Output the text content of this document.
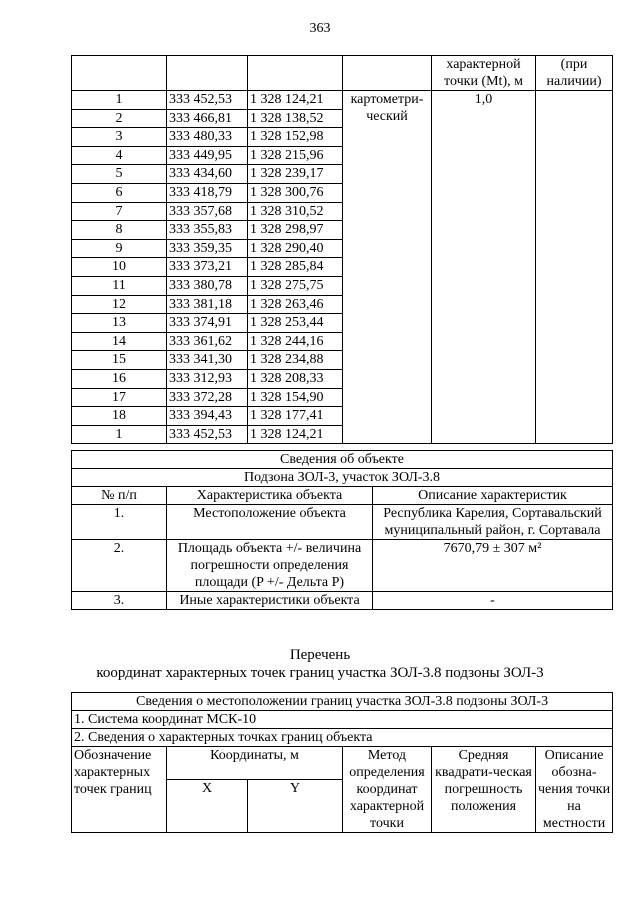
363
				характерной точки (Mt), м	(при наличии)
1	333 452,53	1 328 124,21	картометри-ческий	1,0	
2	333 466,81	1 328 138,52			
3	333 480,33	1 328 152,98			
4	333 449,95	1 328 215,96			
5	333 434,60	1 328 239,17			
6	333 418,79	1 328 300,76			
7	333 357,68	1 328 310,52			
8	333 355,83	1 328 298,97			
9	333 359,35	1 328 290,40			
10	333 373,21	1 328 285,84			
11	333 380,78	1 328 275,75			
12	333 381,18	1 328 263,46			
13	333 374,91	1 328 253,44			
14	333 361,62	1 328 244,16			
15	333 341,30	1 328 234,88			
16	333 312,93	1 328 208,33			
17	333 372,28	1 328 154,90			
18	333 394,43	1 328 177,41			
1	333 452,53	1 328 124,21			
Сведения об объекте		
Подзона ЗОЛ-3, участок ЗОЛ-3.8		
№ п/п	Характеристика объекта	Описание характеристик
1.	Местоположение объекта	Республика Карелия, Сортавальский муниципальный район, г. Сортавала
2.	Площадь объекта +/- величина погрешности определения площади (P +/- Дельта P)	7670,79 ± 307 м²
3.	Иные характеристики объекта	-
Перечень
координат характерных точек границ участка ЗОЛ-3.8 подзоны ЗОЛ-3
Сведения о местоположении границ участка ЗОЛ-3.8 подзоны ЗОЛ-3					
1. Система координат МСК-10					
2. Сведения о характерных точках границ объекта					
Обозначение характерных точек границ	Координаты, м		Метод определения координат характерной точки	Средняя квадрати-ческая погрешность положения	Описание обозна-чения точки на местности
	X	Y			
